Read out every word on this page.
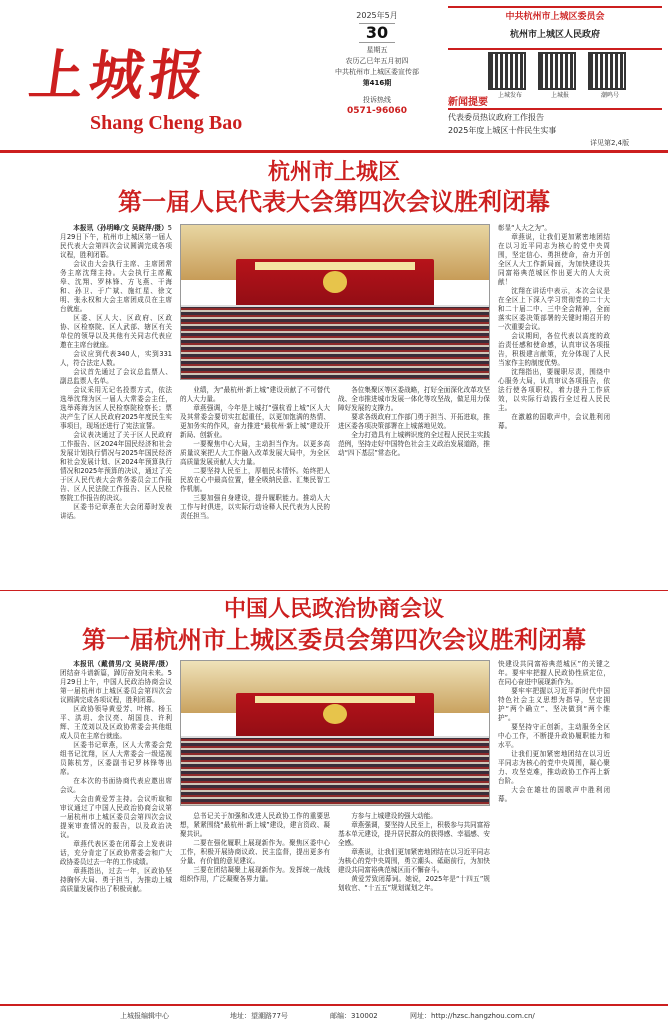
上城报
Shang Cheng Bao
2025年5月
30
星期五
农历乙巳年五月初四
中共杭州市上城区委宣传部
第416期
投诉热线
0571-96060
中共杭州市上城区委员会
杭州市上城区人民政府
上城发布	上城报	潮鸣号
新闻提要
代表委员热议政府工作报告
2025年度上城区十件民生实事
详见第2,4版
杭州市上城区
第一届人民代表大会第四次会议胜利闭幕

本报讯（孙明峰/文 吴晓萍/摄）5月29日下午，杭州市上城区第一届人民代表大会第四次会议圆满完成各项议程，胜利闭幕。

会议由大会执行主席、主席团常务主席沈翔主持。大会执行主席戴皋、沈翔、罗林锋、方飞燕、干海和、孙卫、于广斌、施红星、徐文明、张永权和大会主席团成员在主席台就座。

区委、区人大、区政府、区政协、区检察院、区人武部、辖区有关单位的领导以及其他有关同志代表应邀在主席台就座。

会议应到代表340人，实到331人，符合法定人数。

会议首先通过了会议总监票人、副总监票人名单。

会议采用无记名投票方式，依法选举沈翔为区一届人大常委会主任，选举蒋海为区人民检察院检察长；票决产生了区人民政府2025年度民生实事项目，现场还进行了宪法宣誓。

会议表决通过了关于区人民政府工作报告、区2024年国民经济和社会发展计划执行情况与2025年国民经济和社会发展计划、区2024年预算执行情况和2025年预算的决议，通过了关于区人民代表大会常务委员会工作报告、区人民法院工作报告、区人民检察院工作报告的决议。

区委书记章燕在大会闭幕时发表讲话。

业绩，为“最杭州·新上城”建设贡献了不可替代的人大力量。

章燕强调，今年是上城打“强杭看上城”区人大及其常委会要切实扛起重任，以更加饱满的热情、更加务实的作风，奋力推进“最杭州·新上城”建设开新局、创新业。

一要聚焦中心大局，主动担当作为。以更多高质量议案把人大工作融入改革发展大局中，为全区高质量发展贡献人大力量。

二要坚持人民至上，厚植民本情怀。始终把人民放在心中最高位置，健全吸纳民意、汇集民智工作机制。

三要加强自身建设，提升履职能力。推动人大工作与时俱进，以实际行动诠释人民代表为人民的责任担当。

各位集聚区等区委战略，打好全面深化改革攻坚战、全市推进城市发展一体化等攻坚战，做足用力保障好发展的支撑力。

要求各级政府工作部门勇于担当、开拓进取，推进区委各项决策部署在上城落地见效。

全力打造具有上城辨识度的全过程人民民主实践范例，坚持走好中国特色社会主义政治发展道路，推动“四下基层”常态化。

彰显“人大之为”。

章燕说，让我们更加紧密地团结在以习近平同志为核心的党中央周围，坚定信心、勇担使命，奋力开创全区人大工作新局面，为加快建设共同富裕典范城区作出更大的人大贡献！

沈翔在讲话中表示，本次会议是在全区上下深入学习贯彻党的二十大和二十届二中、三中全会精神，全面落实区委决策部署的关键时期召开的一次重要会议。

会议期间，各位代表以高度的政治责任感和使命感，认真审议各项报告，积极建言献策，充分体现了人民当家作主的制度优势。

沈翔指出，要履职尽责，围绕中心服务大局，认真审议各项报告，依法行使各项职权，着力提升工作质效，以实际行动践行全过程人民民主。

在激越的国歌声中，会议胜利闭幕。

中国人民政治协商会议
第一届杭州市上城区委员会第四次会议胜利闭幕

本报讯（戴倩男/文 吴晓萍/摄）团结奋斗谱新篇，踔厉奋发向未来。5月29日上午，中国人民政治协商会议第一届杭州市上城区委员会第四次会议圆满完成各项议程，胜利闭幕。

区政协领导黄爱芳、叶榕、杨玉平、洪玥、余汉亮、胡国良、许利辉、王茂刘以及区政协常委会其他组成人员在主席台就座。

区委书记章燕，区人大常委会党组书记沈翔，区人大常委会一级巡视员陈杭芳，区委副书记罗林锋等出席。

在本次的书面协商代表应邀出席会议。

大会由黄爱芳主持。会议听取和审议通过了中国人民政治协商会议第一届杭州市上城区委员会第四次会议提案审查情况的报告，以及政治决议。

章燕代表区委在闭幕会上发表讲话，充分肯定了区政协常委会和广大政协委员过去一年的工作成绩。

章燕指出，过去一年，区政协坚持胸怀大局、勇于担当，为推动上城高质量发展作出了积极贡献。

总书记关于加强和改进人民政协工作的重要思想，紧紧围绕“最杭州·新上城”建设，建言资政、凝聚共识。

二要在强化履职上展现新作为。聚焦区委中心工作，积极开展协商议政、民主监督，提出更多有分量、有价值的意见建议。

三要在团结凝聚上展现新作为。发挥统一战线组织作用，广泛凝聚各界力量。

方参与上城建设的强大动能。

章燕强调，要坚持人民至上，积极参与共同富裕基本单元建设，提升居民群众的获得感、幸福感、安全感。

章燕说，让我们更加紧密地团结在以习近平同志为核心的党中央周围，勇立潮头、砥砺前行，为加快建设共同富裕典范城区而不懈奋斗。

黄爱芳致闭幕词。她说，2025年是“十四五”规划收官、“十五五”规划谋划之年。

快建设共同富裕典范城区”的关键之年。要牢牢把握人民政协性质定位，在同心奋进中展现新作为。

要牢牢把握以习近平新时代中国特色社会主义思想为指导，坚定拥护“两个确立”、坚决做到“两个维护”。

要坚持守正创新，主动服务全区中心工作，不断提升政协履职能力和水平。

让我们更加紧密地团结在以习近平同志为核心的党中央周围，凝心聚力、攻坚克难，推动政协工作再上新台阶。

大会在雄壮的国歌声中胜利闭幕。

上城报编辑中心	地址：望潮路77号	邮编：310002	网址：http://hzsc.hangzhou.com.cn/
